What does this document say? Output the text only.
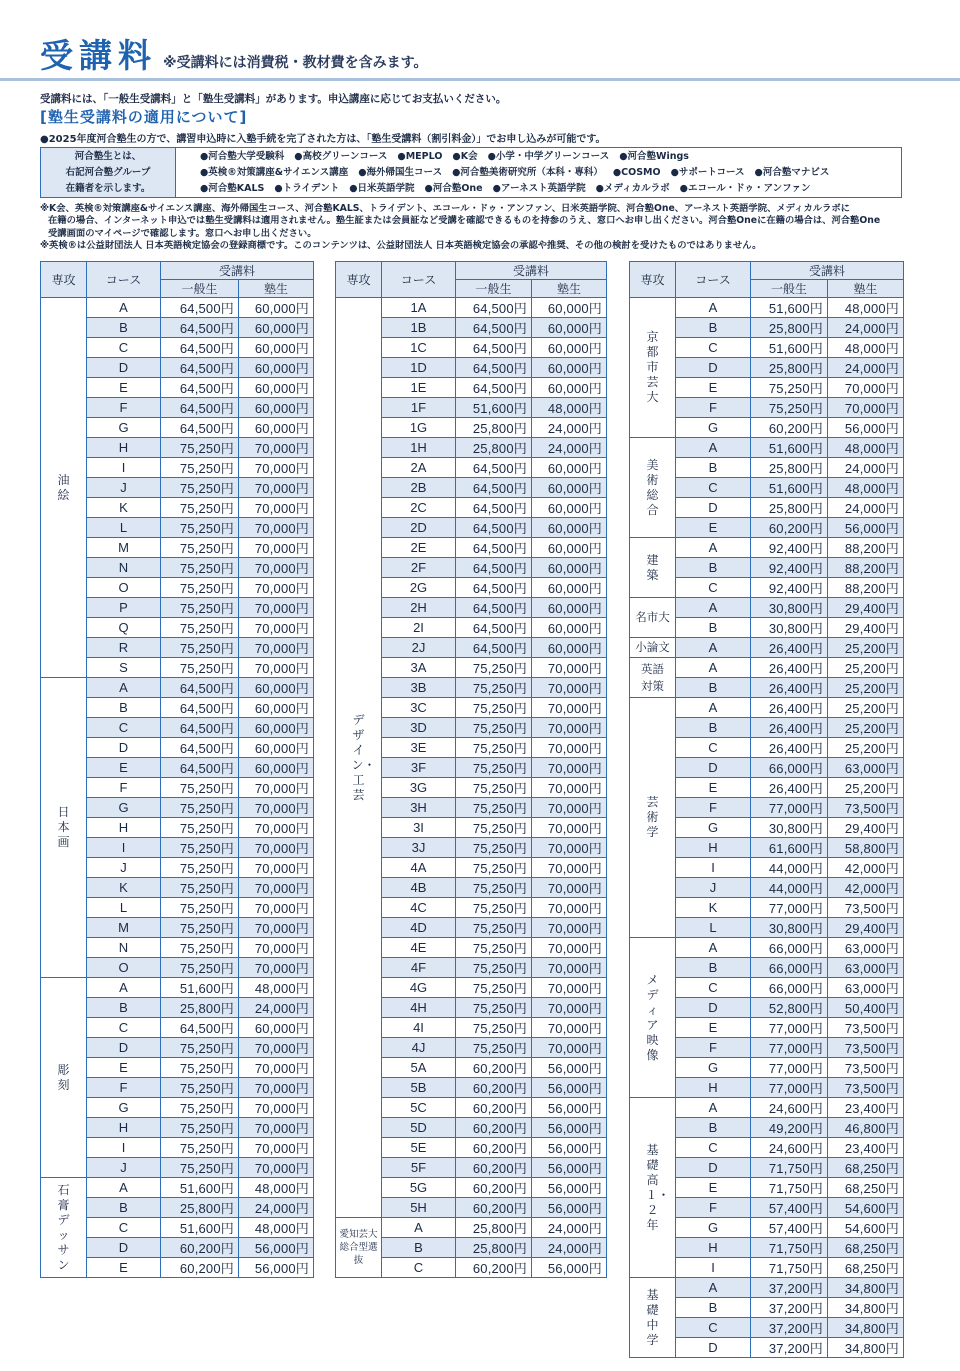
受講料 ※受講料には消費税・教材費を含みます。
受講料には、「一般生受講料」と「塾生受講料」があります。申込講座に応じてお支払いください。
[塾生受講料の適用について]
●2025年度河合塾生の方で、講習申込時に入塾手続を完了された方は、「塾生受講料（割引料金）」でお申し込みが可能です。
河合塾生とは、
右記河合塾グループ
在籍者を示します。
●河合塾大学受験科 ●高校グリーンコース ●MEPLO ●K会 ●小学・中学グリーンコース ●河合塾Wings
●英検®対策講座&サイエンス講座 ●海外帰国生コース ●河合塾美術研究所（本科・専科） ●COSMO ●サポートコース ●河合塾マナビス
●河合塾KALS ●トライデント ●日米英語学院 ●河合塾One ●アーネスト英語学院 ●メディカルラボ ●エコール・ドゥ・アンファン
※K会、英検®対策講座&サイエンス講座、海外帰国生コース、河合塾KALS、トライデント、エコール・ドゥ・アンファン、日米英語学院、河合塾One、アーネスト英語学院、メディカルラボに
在籍の場合、インターネット申込では塾生受講料は適用されません。塾生証または会員証など受講を確認できるものを持参のうえ、窓口へお申し出ください。河合塾Oneに在籍の場合は、河合塾One
受講画面のマイページで確認します。窓口へお申し出ください。
※英検®は公益財団法人 日本英語検定協会の登録商標です。このコンテンツは、公益財団法人 日本英語検定協会の承認や推奨、その他の検討を受けたものではありません。
専攻	コース	受講料	
		一般生	塾生
油絵	A	64,500円	60,000円
	B	64,500円	60,000円
	C	64,500円	60,000円
	D	64,500円	60,000円
	E	64,500円	60,000円
	F	64,500円	60,000円
	G	64,500円	60,000円
	H	75,250円	70,000円
	I	75,250円	70,000円
	J	75,250円	70,000円
	K	75,250円	70,000円
	L	75,250円	70,000円
	M	75,250円	70,000円
	N	75,250円	70,000円
	O	75,250円	70,000円
	P	75,250円	70,000円
	Q	75,250円	70,000円
	R	75,250円	70,000円
	S	75,250円	70,000円
日本画	A	64,500円	60,000円
	B	64,500円	60,000円
	C	64,500円	60,000円
	D	64,500円	60,000円
	E	64,500円	60,000円
	F	75,250円	70,000円
	G	75,250円	70,000円
	H	75,250円	70,000円
	I	75,250円	70,000円
	J	75,250円	70,000円
	K	75,250円	70,000円
	L	75,250円	70,000円
	M	75,250円	70,000円
	N	75,250円	70,000円
	O	75,250円	70,000円
彫刻	A	51,600円	48,000円
	B	25,800円	24,000円
	C	64,500円	60,000円
	D	75,250円	70,000円
	E	75,250円	70,000円
	F	75,250円	70,000円
	G	75,250円	70,000円
	H	75,250円	70,000円
	I	75,250円	70,000円
	J	75,250円	70,000円
石膏デッサン	A	51,600円	48,000円
	B	25,800円	24,000円
	C	51,600円	48,000円
	D	60,200円	56,000円
	E	60,200円	56,000円
専攻	コース	受講料	
		一般生	塾生
デザイン・工芸	1A	64,500円	60,000円
	1B	64,500円	60,000円
	1C	64,500円	60,000円
	1D	64,500円	60,000円
	1E	64,500円	60,000円
	1F	51,600円	48,000円
	1G	25,800円	24,000円
	1H	25,800円	24,000円
	2A	64,500円	60,000円
	2B	64,500円	60,000円
	2C	64,500円	60,000円
	2D	64,500円	60,000円
	2E	64,500円	60,000円
	2F	64,500円	60,000円
	2G	64,500円	60,000円
	2H	64,500円	60,000円
	2I	64,500円	60,000円
	2J	64,500円	60,000円
	3A	75,250円	70,000円
	3B	75,250円	70,000円
	3C	75,250円	70,000円
	3D	75,250円	70,000円
	3E	75,250円	70,000円
	3F	75,250円	70,000円
	3G	75,250円	70,000円
	3H	75,250円	70,000円
	3I	75,250円	70,000円
	3J	75,250円	70,000円
	4A	75,250円	70,000円
	4B	75,250円	70,000円
	4C	75,250円	70,000円
	4D	75,250円	70,000円
	4E	75,250円	70,000円
	4F	75,250円	70,000円
	4G	75,250円	70,000円
	4H	75,250円	70,000円
	4I	75,250円	70,000円
	4J	75,250円	70,000円
	5A	60,200円	56,000円
	5B	60,200円	56,000円
	5C	60,200円	56,000円
	5D	60,200円	56,000円
	5E	60,200円	56,000円
	5F	60,200円	56,000円
	5G	60,200円	56,000円
	5H	60,200円	56,000円

愛知芸大
総合型選抜	A	25,800円	24,000円
	B	25,800円	24,000円
	C	60,200円	56,000円
専攻	コース	受講料	
		一般生	塾生
京都市芸大	A	51,600円	48,000円
	B	25,800円	24,000円
	C	51,600円	48,000円
	D	25,800円	24,000円
	E	75,250円	70,000円
	F	75,250円	70,000円
	G	60,200円	56,000円
美術総合	A	51,600円	48,000円
	B	25,800円	24,000円
	C	51,600円	48,000円
	D	25,800円	24,000円
	E	60,200円	56,000円
建築	A	92,400円	88,200円
	B	92,400円	88,200円
	C	92,400円	88,200円

名市大	A	30,800円	29,400円
	B	30,800円	29,400円

小論文	A	26,400円	25,200円

英語
対策	A	26,400円	25,200円
	B	26,400円	25,200円
芸術学	A	26,400円	25,200円
	B	26,400円	25,200円
	C	26,400円	25,200円
	D	66,000円	63,000円
	E	26,400円	25,200円
	F	77,000円	73,500円
	G	30,800円	29,400円
	H	61,600円	58,800円
	I	44,000円	42,000円
	J	44,000円	42,000円
	K	77,000円	73,500円
	L	30,800円	29,400円
メディア映像	A	66,000円	63,000円
	B	66,000円	63,000円
	C	66,000円	63,000円
	D	52,800円	50,400円
	E	77,000円	73,500円
	F	77,000円	73,500円
	G	77,000円	73,500円
	H	77,000円	73,500円
基礎高１・２年	A	24,600円	23,400円
	B	49,200円	46,800円
	C	24,600円	23,400円
	D	71,750円	68,250円
	E	71,750円	68,250円
	F	57,400円	54,600円
	G	57,400円	54,600円
	H	71,750円	68,250円
	I	71,750円	68,250円
基礎中学	A	37,200円	34,800円
	B	37,200円	34,800円
	C	37,200円	34,800円
	D	37,200円	34,800円
